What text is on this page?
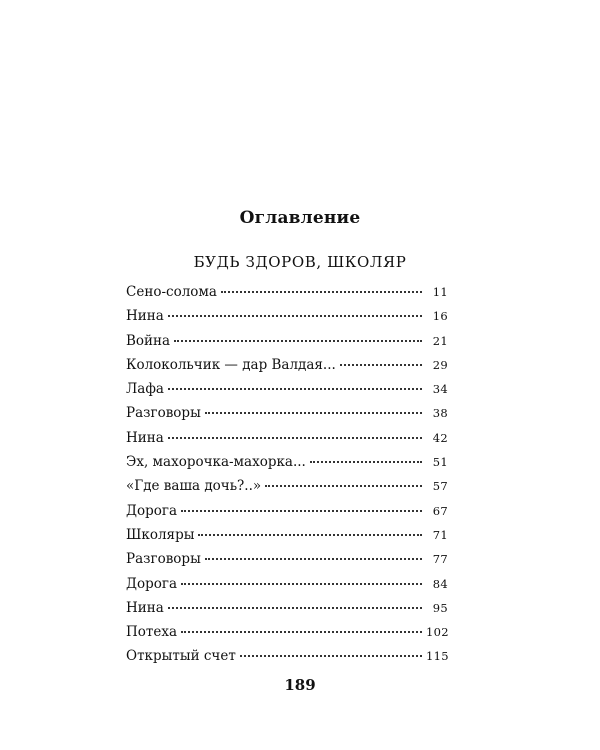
Оглавление
БУДЬ ЗДОРОВ, ШКОЛЯР
Сено-солома	11
Нина	16
Война	21
Колокольчик — дар Валдая...	29
Лафа	34
Разговоры	38
Нина	42
Эх, махорочка-махорка...	51
«Где ваша дочь?..»	57
Дорога	67
Школяры	71
Разговоры	77
Дорога	84
Нина	95
Потеха	102
Открытый счет	115
189
